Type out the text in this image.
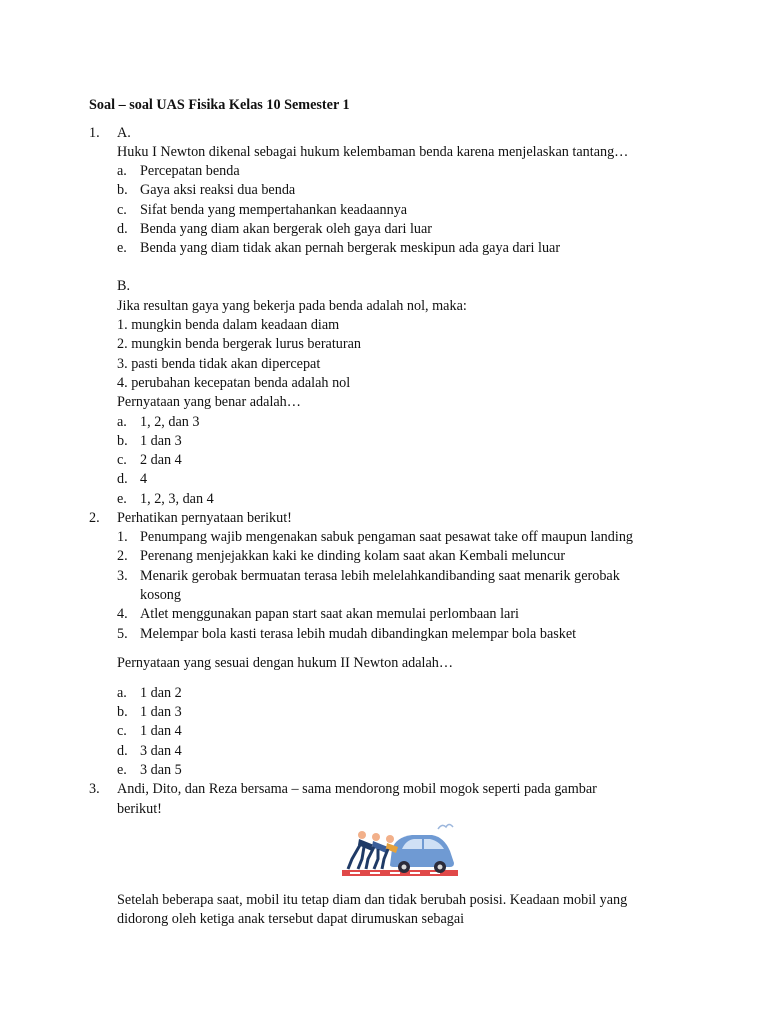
Soal – soal UAS Fisika Kelas 10 Semester 1
1. A.
Huku I Newton dikenal sebagai hukum kelembaman benda karena menjelaskan tantang…
a. Percepatan benda
b. Gaya aksi reaksi dua benda
c. Sifat benda yang mempertahankan keadaannya
d. Benda yang diam akan bergerak oleh gaya dari luar
e. Benda yang diam tidak akan pernah bergerak meskipun ada gaya dari luar
B.
Jika resultan gaya yang bekerja pada benda adalah nol, maka:
1. mungkin benda dalam keadaan diam
2. mungkin benda bergerak lurus beraturan
3. pasti benda tidak akan dipercepat
4. perubahan kecepatan benda adalah nol
Pernyataan yang benar adalah…
a. 1, 2, dan 3
b. 1 dan 3
c. 2 dan 4
d. 4
e. 1, 2, 3, dan 4
2. Perhatikan pernyataan berikut!
1. Penumpang wajib mengenakan sabuk pengaman saat pesawat take off maupun landing
2. Perenang menjejakkan kaki ke dinding kolam saat akan Kembali meluncur
3. Menarik gerobak bermuatan terasa lebih melelahkandibanding saat menarik gerobak
kosong
4. Atlet menggunakan papan start saat akan memulai perlombaan lari
5. Melempar bola kasti terasa lebih mudah dibandingkan melempar bola basket
Pernyataan yang sesuai dengan hukum II Newton adalah…
a. 1 dan 2
b. 1 dan 3
c. 1 dan 4
d. 3 dan 4
e. 3 dan 5
3. Andi, Dito, dan Reza bersama – sama mendorong mobil mogok seperti pada gambar
berikut!
Setelah beberapa saat, mobil itu tetap diam dan tidak berubah posisi. Keadaan mobil yang
didorong oleh ketiga anak tersebut dapat dirumuskan sebagai
